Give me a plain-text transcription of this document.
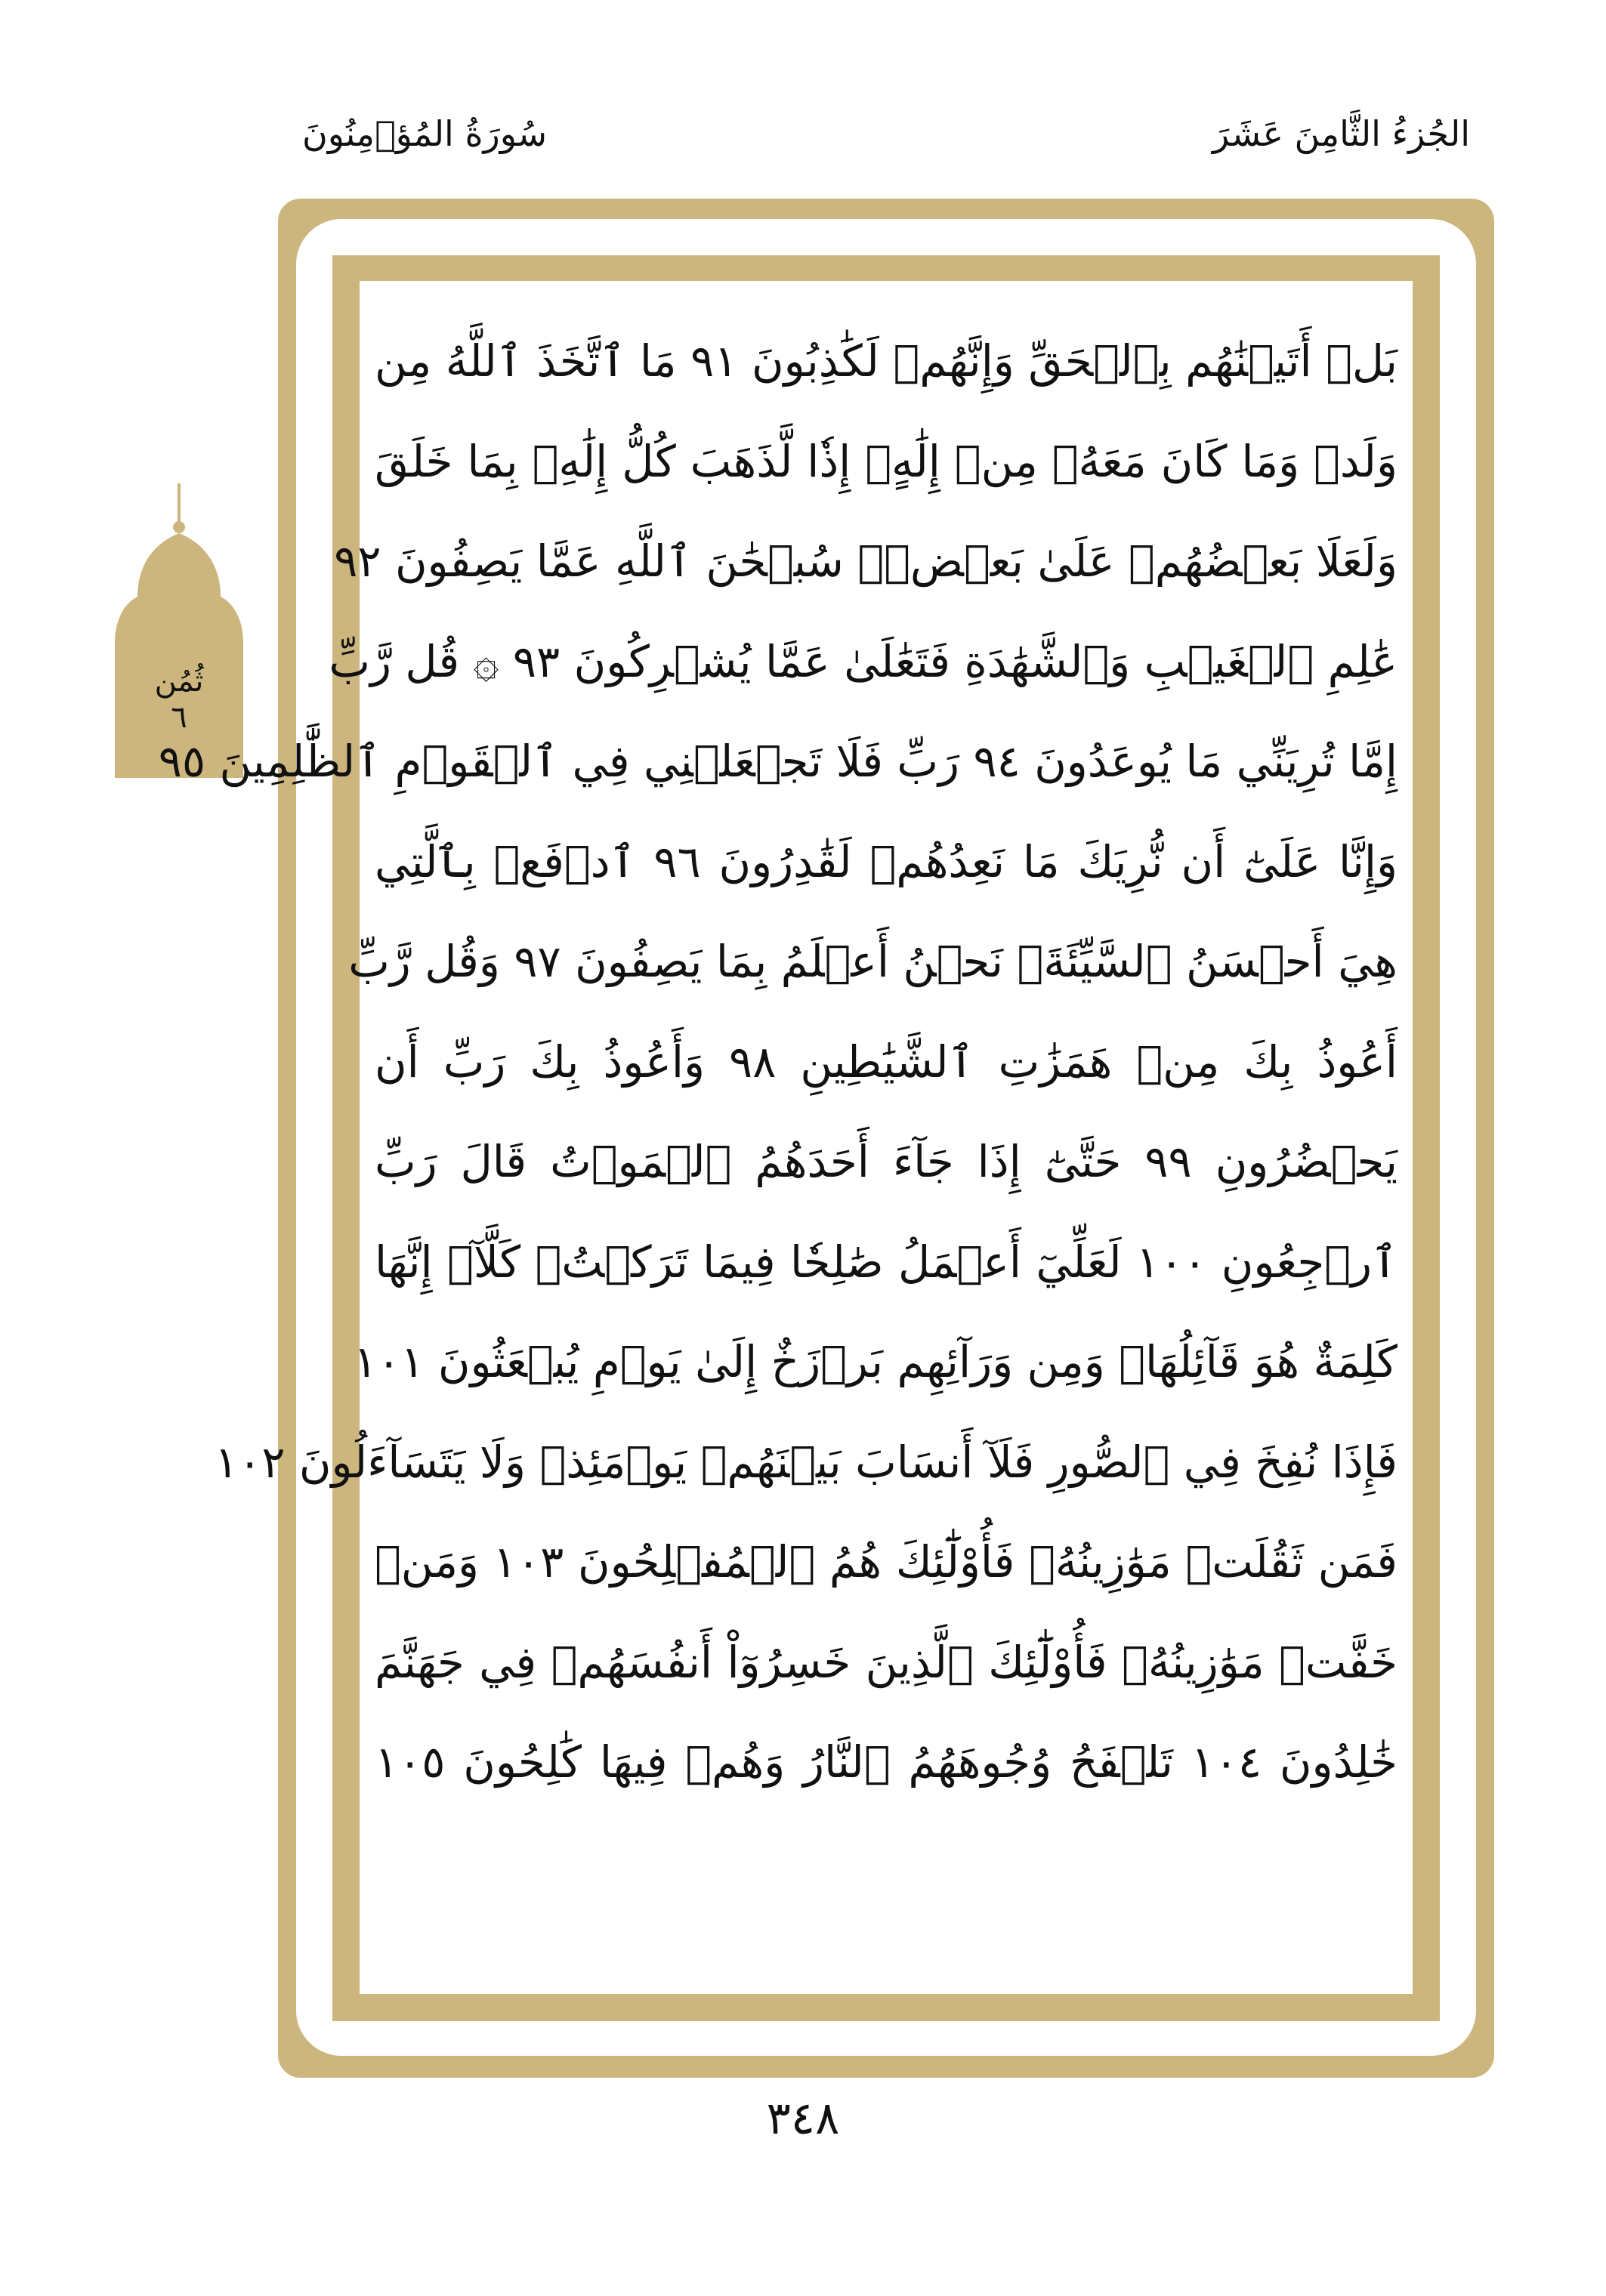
الجُزءُ الثَّامِنَ عَشَرَ
سُورَةُ المُؤۡمِنُونَ
ثُمُن
٦
بَلۡ أَتَيۡنَٰهُم بِٱلۡحَقِّ وَإِنَّهُمۡ لَكَٰذِبُونَ ٩١ مَا ٱتَّخَذَ ٱللَّهُ مِن
وَلَدٖ وَمَا كَانَ مَعَهُۥ مِنۡ إِلَٰهٍۚ إِذٗا لَّذَهَبَ كُلُّ إِلَٰهِۭ بِمَا خَلَقَ
وَلَعَلَا بَعۡضُهُمۡ عَلَىٰ بَعۡضٖۚ سُبۡحَٰنَ ٱللَّهِ عَمَّا يَصِفُونَ ٩٢
عَٰلِمِ ٱلۡغَيۡبِ وَٱلشَّهَٰدَةِ فَتَعَٰلَىٰ عَمَّا يُشۡرِكُونَ ٩٣ ۞ قُل رَّبِّ
إِمَّا تُرِيَنِّي مَا يُوعَدُونَ ٩٤ رَبِّ فَلَا تَجۡعَلۡنِي فِي ٱلۡقَوۡمِ ٱلظَّٰلِمِينَ ٩٥
وَإِنَّا عَلَىٰٓ أَن نُّرِيَكَ مَا نَعِدُهُمۡ لَقَٰدِرُونَ ٩٦ ٱدۡفَعۡ بِٱلَّتِي
هِيَ أَحۡسَنُ ٱلسَّيِّئَةَۚ نَحۡنُ أَعۡلَمُ بِمَا يَصِفُونَ ٩٧ وَقُل رَّبِّ
أَعُوذُ بِكَ مِنۡ هَمَزَٰتِ ٱلشَّيَٰطِينِ ٩٨ وَأَعُوذُ بِكَ رَبِّ أَن
يَحۡضُرُونِ ٩٩ حَتَّىٰٓ إِذَا جَآءَ أَحَدَهُمُ ٱلۡمَوۡتُ قَالَ رَبِّ
ٱرۡجِعُونِ ١٠٠ لَعَلِّيٓ أَعۡمَلُ صَٰلِحٗا فِيمَا تَرَكۡتُۚ كَلَّآۚ إِنَّهَا
كَلِمَةٌ هُوَ قَآئِلُهَاۖ وَمِن وَرَآئِهِم بَرۡزَخٌ إِلَىٰ يَوۡمِ يُبۡعَثُونَ ١٠١
فَإِذَا نُفِخَ فِي ٱلصُّورِ فَلَآ أَنسَابَ بَيۡنَهُمۡ يَوۡمَئِذٖ وَلَا يَتَسَآءَلُونَ ١٠٢
فَمَن ثَقُلَتۡ مَوَٰزِينُهُۥ فَأُوْلَٰٓئِكَ هُمُ ٱلۡمُفۡلِحُونَ ١٠٣ وَمَنۡ
خَفَّتۡ مَوَٰزِينُهُۥ فَأُوْلَٰٓئِكَ ٱلَّذِينَ خَسِرُوٓاْ أَنفُسَهُمۡ فِي جَهَنَّمَ
خَٰلِدُونَ ١٠٤ تَلۡفَحُ وُجُوهَهُمُ ٱلنَّارُ وَهُمۡ فِيهَا كَٰلِحُونَ ١٠٥
٣٤٨
